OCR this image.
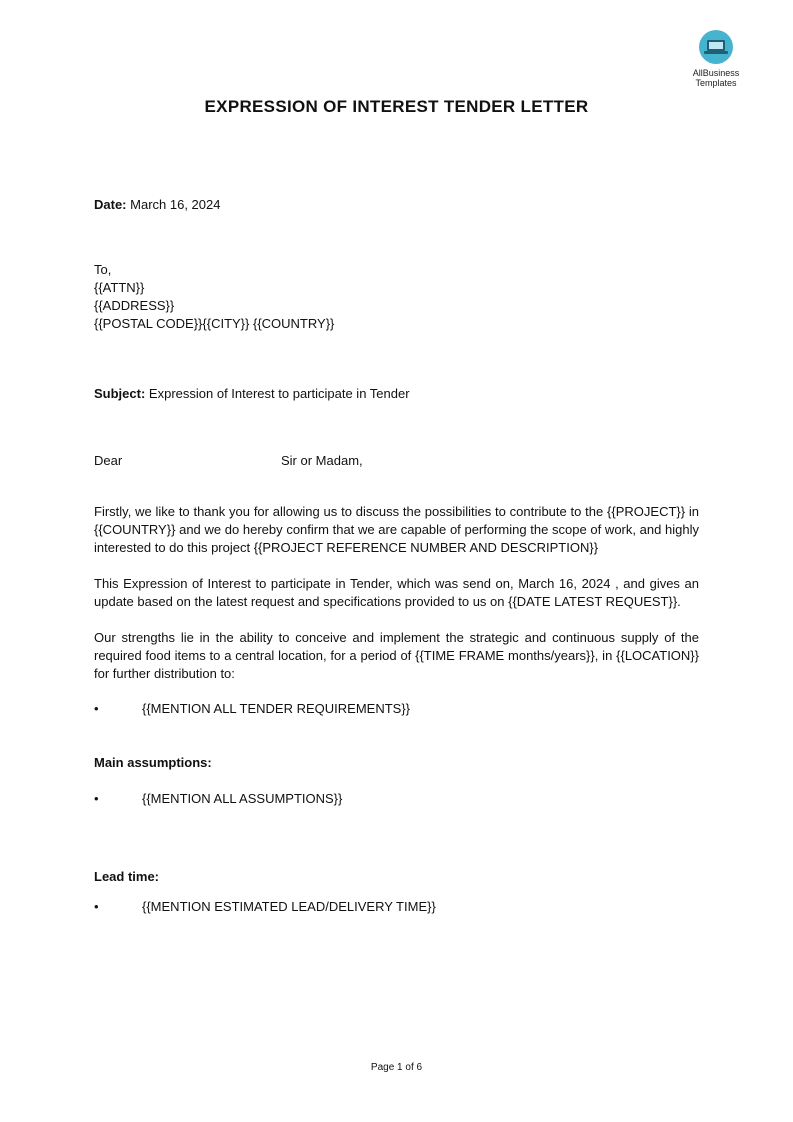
AllBusiness
Templates
EXPRESSION OF INTEREST TENDER LETTER
Date: March 16, 2024
To,
{{ATTN}}
{{ADDRESS}}
{{POSTAL CODE}}{{CITY}} {{COUNTRY}}
Subject: Expression of Interest to participate in Tender
Dear	Sir or Madam,
Firstly, we like to thank you for allowing us to discuss the possibilities to contribute to the {{PROJECT}} in {{COUNTRY}} and we do hereby confirm that we are capable of performing the scope of work, and highly interested to do this project {{PROJECT REFERENCE NUMBER AND DESCRIPTION}}
This Expression of Interest to participate in Tender, which was send on, March 16, 2024 , and gives an update based on the latest request and specifications provided to us on {{DATE LATEST REQUEST}}.
Our strengths lie in the ability to conceive and implement the strategic and continuous supply of the required food items to a central location, for a period of {{TIME FRAME months/years}}, in {{LOCATION}} for further distribution to:
•	{{MENTION ALL TENDER REQUIREMENTS}}
Main assumptions:
•	{{MENTION ALL ASSUMPTIONS}}
Lead time:
•	{{MENTION ESTIMATED LEAD/DELIVERY TIME}}
Page 1 of 6
